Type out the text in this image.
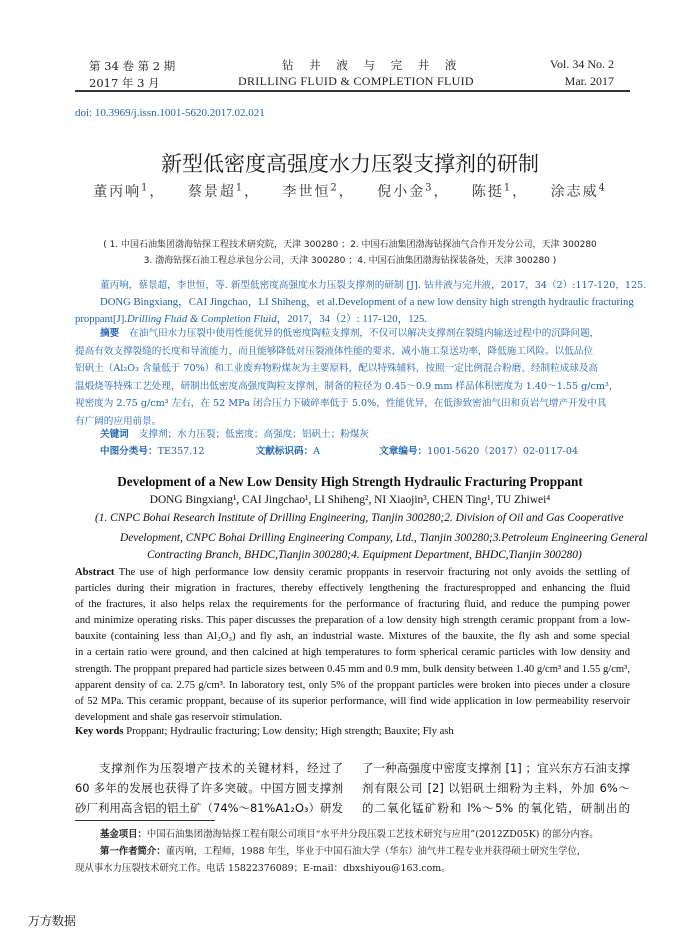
第 34 卷 第 2 期
2017 年 3 月
钻 井 液 与 完 井 液
DRILLING FLUID & COMPLETION FLUID
Vol. 34 No. 2
Mar. 2017
doi: 10.3969/j.issn.1001-5620.2017.02.021
新型低密度高强度水力压裂支撑剂的研制
董丙响$^1$， 蔡景超$^1$， 李世恒$^2$， 倪小金$^3$， 陈挺$^1$， 涂志威$^4$
( 1. 中国石油集团渤海钻探工程技术研究院，天津 300280 ；2. 中国石油集团渤海钻探油气合作开发分公司，天津 300280
3. 渤海钻探石油工程总承包分公司，天津 300280 ；4. 中国石油集团渤海钻探装备处，天津 300280 )
董丙响，蔡景超，李世恒，等. 新型低密度高强度水力压裂支撑剂的研制 [J]. 钻井液与完井液，2017，34（2）:117-120，125.
DONG Bingxiang，CAI Jingchao，LI Shiheng，et al.Development of a new low density high strength hydraulic fracturing
proppant[J].Drilling Fluid & Completion Fluid，2017，34（2）: 117-120，125.
摘要 在油气田水力压裂中使用性能优异的低密度陶粒支撑剂，不仅可以解决支撑剂在裂缝内输送过程中的沉降问题，
提高有效支撑裂缝的长度和导流能力，而且能够降低对压裂液体性能的要求，减小施工泵送功率，降低施工风险。以低品位
铝矾土（Al₂O₃ 含量低于 70%）和工业废弃物粉煤灰为主要原料，配以特殊辅料，按照一定比例混合粉磨、经制粒成球及高
温煅烧等特殊工艺处理，研制出低密度高强度陶粒支撑剂，制备的粒径为 0.45～0.9 mm 样品体积密度为 1.40～1.55 g/cm³，
视密度为 2.75 g/cm³ 左右，在 52 MPa 闭合压力下破碎率低于 5.0%，性能优异，在低渗致密油气田和页岩气增产开发中具
有广阔的应用前景。
关键词 支撑剂；水力压裂；低密度；高强度；铝矾土；粉煤灰
中图分类号：TE357.12	文献标识码：A	文章编号：1001-5620（2017）02-0117-04
Development of a New Low Density High Strength Hydraulic Fracturing Proppant
DONG Bingxiang¹, CAI Jingchao¹, LI Shiheng², NI Xiaojin³, CHEN Ting¹, TU Zhiwei⁴
(1. CNPC Bohai Research Institute of Drilling Engineering, Tianjin 300280;2. Division of Oil and Gas Cooperative
Development, CNPC Bohai Drilling Engineering Company, Ltd., Tianjin 300280;3.Petroleum Engineering General
Contracting Branch, BHDC,Tianjin 300280;4. Equipment Department, BHDC,Tianjin 300280)
Abstract The use of high performance low density ceramic proppants in reservoir fracturing not only avoids the settling of
particles during their migration in fractures, thereby effectively lengthening the fracturespropped and enhancing the fluid
of the fractures, it also helps relax the requirements for the performance of fracturing fluid, and reduce the pumping power
and minimize operating risks. This paper discusses the preparation of a low density high strength ceramic proppant from a low-
bauxite (containing less than Al₂O₃) and fly ash, an industrial waste. Mixtures of the bauxite, the fly ash and some special
in a certain ratio were ground, and then calcined at high temperatures to form spherical ceramic particles with low density and
strength. The proppant prepared had particle sizes between 0.45 mm and 0.9 mm, bulk density between 1.40 g/cm³ and 1.55 g/cm³,
apparent density of ca. 2.75 g/cm³. In laboratory test, only 5% of the proppant particles were broken into pieces under a closure
of 52 MPa. This ceramic proppant, because of its superior performance, will find wide application in low permeability reservoir
development and shale gas reservoir stimulation.
Key words Proppant; Hydraulic fracturing; Low density; High strength; Bauxite; Fly ash
支撑剂作为压裂增产技术的关键材料，经过了
60 多年的发展也获得了许多突破。中国方圆支撑剂
砂厂利用高含铝的铝土矿（74%～81%A1₂O₃）研发
了一种高强度中密度支撑剂 [1] ；宜兴东方石油支撑
剂有限公司 [2] 以铝矾土细粉为主料，外加 6%～
的二氧化锰矿粉和 l%～5% 的氧化锆，研制出的
基金项目：中国石油集团渤海钻探工程有限公司项目“水平井分段压裂工艺技术研究与应用”(2012ZD05K) 的部分内容。
第一作者简介：董丙响，工程师，1988 年生，毕业于中国石油大学（华东）油气井工程专业并获得硕士研究生学位，
现从事水力压裂技术研究工作。电话 15822376089；E-mail：dbxshiyou@163.com。
万方数据
